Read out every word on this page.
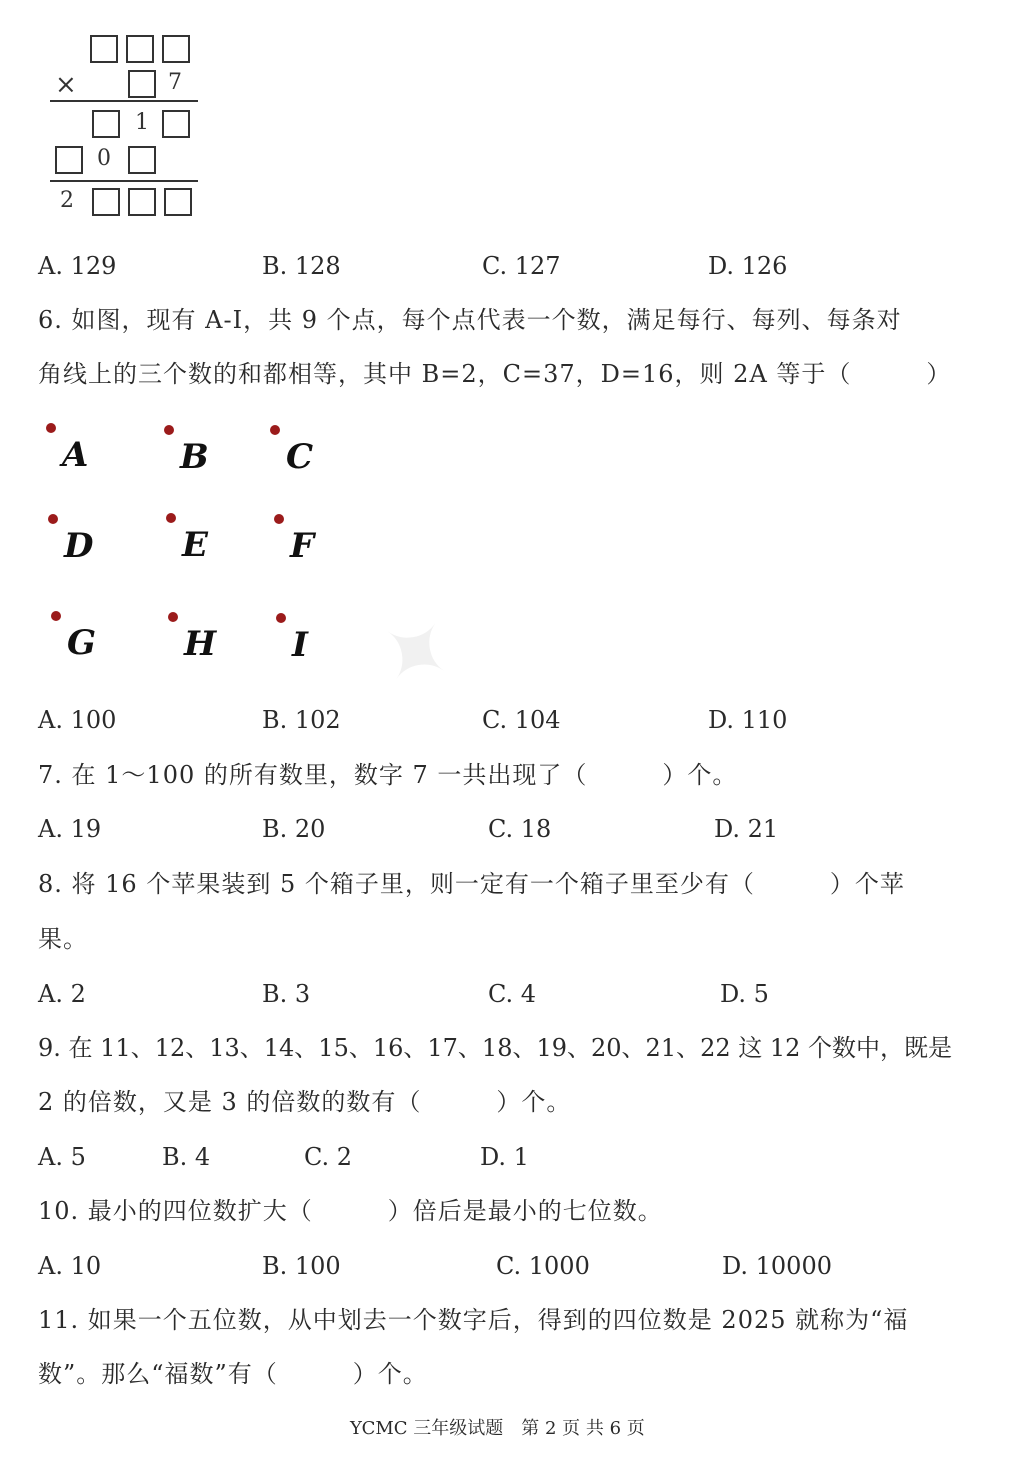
✦
×	7
1
0
2
A. 129	B. 128	C. 127	D. 126
6. 如图，现有 A-I，共 9 个点，每个点代表一个数，满足每行、每列、每条对
角线上的三个数的和都相等，其中 B=2，C=37，D=16，则 2A 等于（　　　）
A	B C
D	E F
G	H I
A. 100	B. 102	C. 104	D. 110
7. 在 1～100 的所有数里，数字 7 一共出现了（　　　）个。
A. 19	B. 20	C. 18	D. 21
8. 将 16 个苹果装到 5 个箱子里，则一定有一个箱子里至少有（　　　）个苹
果。
A. 2	B. 3	C. 4	D. 5
9. 在 11、12、13、14、15、16、17、18、19、20、21、22 这 12 个数中，既是
2 的倍数，又是 3 的倍数的数有（　　　）个。
A. 5	B. 4	C. 2	D. 1
10. 最小的四位数扩大（　　　）倍后是最小的七位数。
A. 10	B. 100	C. 1000	D. 10000
11. 如果一个五位数，从中划去一个数字后，得到的四位数是 2025 就称为“福
数”。那么“福数”有（　　　）个。
YCMC 三年级试题　第 2 页 共 6 页
